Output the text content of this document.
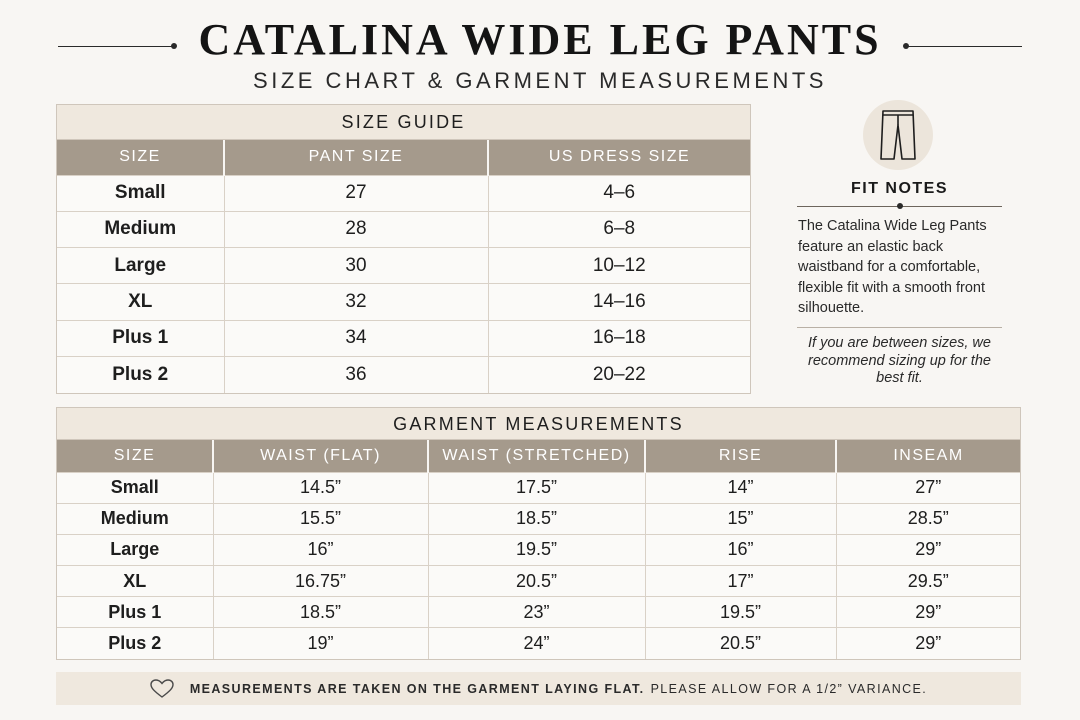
CATALINA WIDE LEG PANTS
SIZE CHART & GARMENT MEASUREMENTS
SIZE GUIDE
SIZE	PANT SIZE	US DRESS SIZE
Small	27	4–6
Medium	28	6–8
Large	30	10–12
XL	32	14–16
Plus 1	34	16–18
Plus 2	36	20–22
FIT NOTES
The Catalina Wide Leg Pants feature an elastic back waistband for a comfortable, flexible fit with a smooth front silhouette.
If you are between sizes, we recommend sizing up for the best fit.
GARMENT MEASUREMENTS
SIZE	WAIST (FLAT)	WAIST (STRETCHED)	RISE	INSEAM
Small	14.5”	17.5”	14”	27”
Medium	15.5”	18.5”	15”	28.5”
Large	16”	19.5”	16”	29”
XL	16.75”	20.5”	17”	29.5”
Plus 1	18.5”	23”	19.5”	29”
Plus 2	19”	24”	20.5”	29”
MEASUREMENTS ARE TAKEN ON THE GARMENT LAYING FLAT. PLEASE ALLOW FOR A 1/2” VARIANCE.
